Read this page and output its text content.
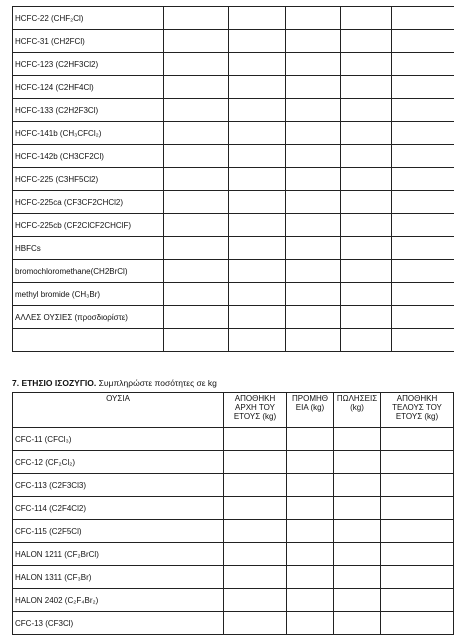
HCFC-22 (CHF₂Cl)					
HCFC-31 (CH2FCl)					
HCFC-123 (C2HF3Cl2)					
HCFC-124 (C2HF4Cl)					
HCFC-133 (C2H2F3Cl)					
HCFC-141b (CH₃CFCl₂)					
HCFC-142b (CH3CF2Cl)					
HCFC-225 (C3HF5Cl2)					
HCFC-225ca (CF3CF2CHCl2)					
HCFC-225cb (CF2ClCF2CHClF)					
HBFCs					
bromochloromethane(CH2BrCl)					
methyl bromide (CH₃Br)					
ΑΛΛΕΣ ΟΥΣΙΕΣ (προσδιορίστε)					

7. ΕΤΗΣΙΟ ΙΣΟΖΥΓΙΟ. Συμπληρώστε ποσότητες σε kg
ΟΥΣΙΑ	ΑΠΟΘΗΚΗ ΑΡΧΗ ΤΟΥ ΕΤΟΥΣ (kg)	ΠΡΟΜΗΘ ΕΙΑ (kg)	ΠΩΛΗΣΕΙΣ (kg)	ΑΠΟΘΗΚΗ ΤΕΛΟΥΣ ΤΟΥ ΕΤΟΥΣ (kg)
CFC-11 (CFCl₃)				
CFC-12 (CF₂Cl₂)				
CFC-113 (C2F3Cl3)				
CFC-114 (C2F4Cl2)				
CFC-115 (C2F5Cl)				
HALON 1211 (CF₂BrCl)				
HALON 1311 (CF₃Br)				
HALON 2402 (C₂F₄Br₂)				
CFC-13 (CF3Cl)				
